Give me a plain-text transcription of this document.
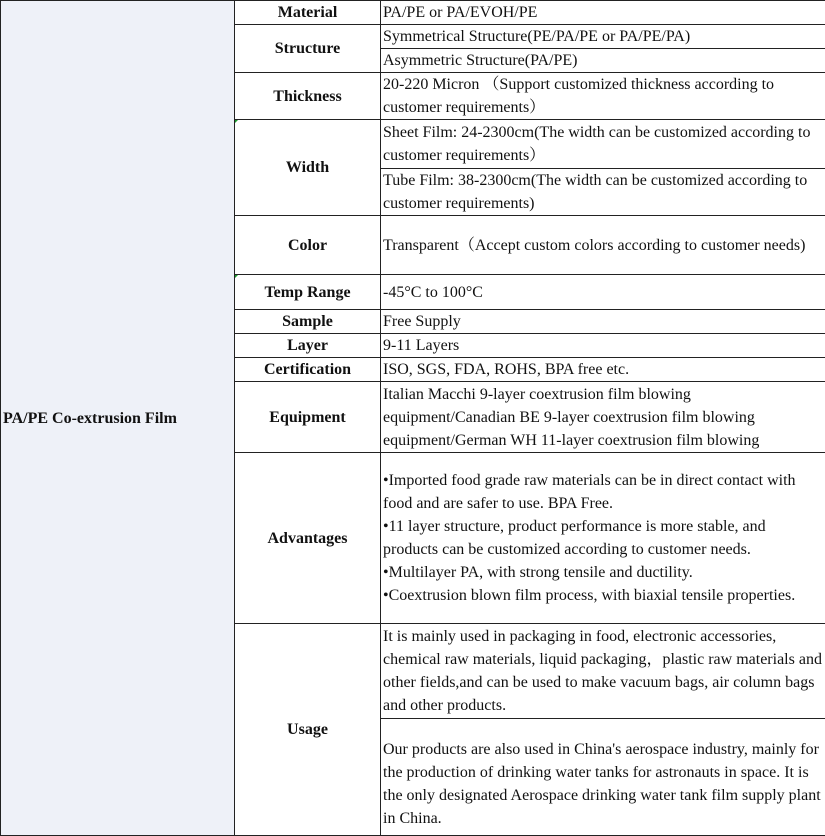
PA/PE Co-extrusion Film	Material	PA/PE or PA/EVOH/PE
	Structure	Symmetrical Structure(PE/PA/PE or PA/PE/PA)
		Asymmetric Structure(PA/PE)
	Thickness	20-220 Micron （Support customized thickness according to customer requirements）
	Width	Sheet Film: 24-2300cm(The width can be customized according to customer requirements）
		Tube Film: 38-2300cm(The width can be customized according to customer requirements)
	Color	Transparent（Accept custom colors according to customer needs)
	Temp Range	-45°C to 100°C
	Sample	Free Supply
	Layer	9-11 Layers
	Certification	ISO, SGS, FDA, ROHS, BPA free etc.
	Equipment	Italian Macchi 9-layer coextrusion film blowing equipment/Canadian BE 9-layer coextrusion film blowing equipment/German WH 11-layer coextrusion film blowing
	Advantages	•Imported food grade raw materials can be in direct contact with food and are safer to use. BPA Free.
•11 layer structure, product performance is more stable, and products can be customized according to customer needs.
•Multilayer PA, with strong tensile and ductility.
•Coextrusion blown film process, with biaxial tensile properties.

	Usage	It is mainly used in packaging in food, electronic accessories, chemical raw materials, liquid packaging，plastic raw materials and other fields,and can be used to make vacuum bags, air column bags and other products.

		Our products are also used in China's aerospace industry, mainly for the production of drinking water tanks for astronauts in space. It is the only designated Aerospace drinking water tank film supply plant in China.
